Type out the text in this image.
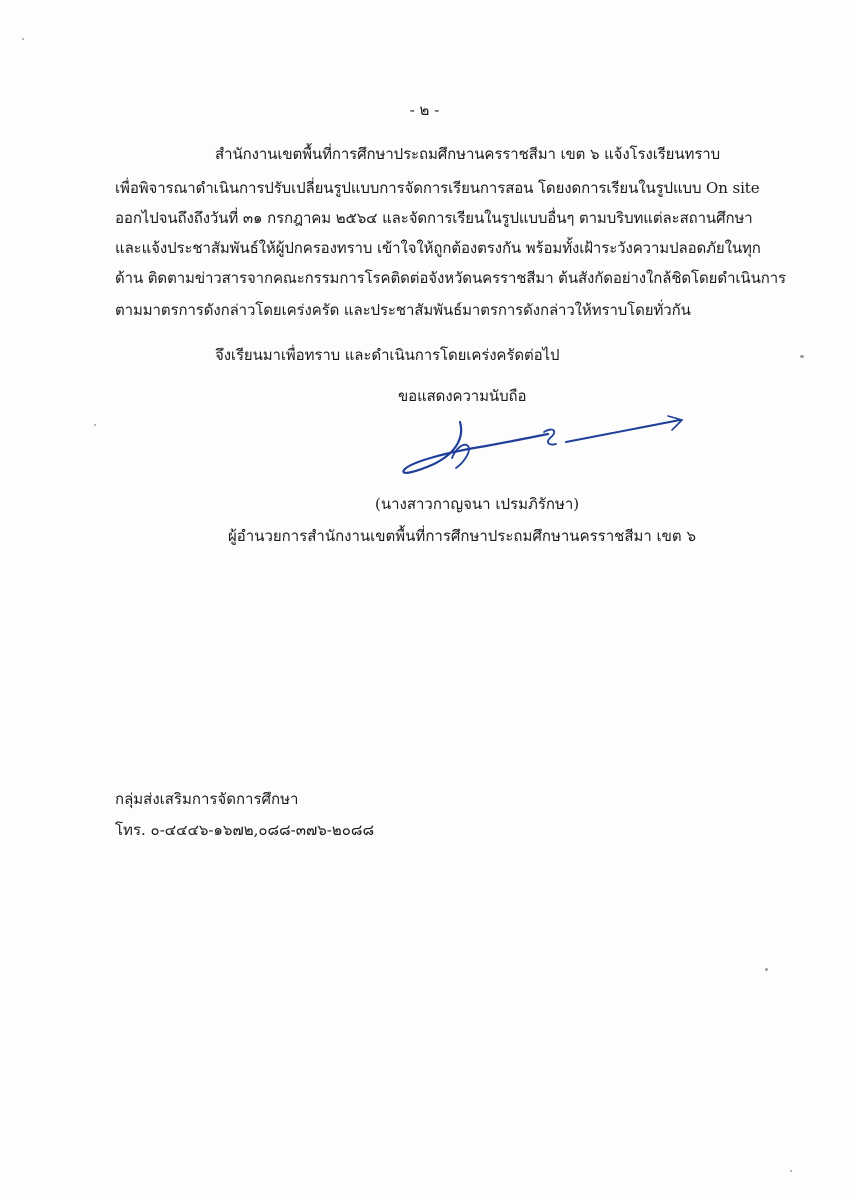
- ๒ -
สำนักงานเขตพื้นที่การศึกษาประถมศึกษานครราชสีมา เขต ๖ แจ้งโรงเรียนทราบ
เพื่อพิจารณาดำเนินการปรับเปลี่ยนรูปแบบการจัดการเรียนการสอน โดยงดการเรียนในรูปแบบ On site
ออกไปจนถึงถึงวันที่ ๓๑ กรกฎาคม ๒๕๖๔ และจัดการเรียนในรูปแบบอื่นๆ ตามบริบทแต่ละสถานศึกษา
และแจ้งประชาสัมพันธ์ให้ผู้ปกครองทราบ เข้าใจให้ถูกต้องตรงกัน พร้อมทั้งเฝ้าระวังความปลอดภัยในทุก
ด้าน ติดตามข่าวสารจากคณะกรรมการโรคติดต่อจังหวัดนครราชสีมา ต้นสังกัดอย่างใกล้ชิดโดยดำเนินการ
ตามมาตรการดังกล่าวโดยเคร่งครัด และประชาสัมพันธ์มาตรการดังกล่าวให้ทราบโดยทั่วกัน
จึงเรียนมาเพื่อทราบ และดำเนินการโดยเคร่งครัดต่อไป
ขอแสดงความนับถือ
(นางสาวกาญจนา เปรมภิรักษา)
ผู้อำนวยการสำนักงานเขตพื้นที่การศึกษาประถมศึกษานครราชสีมา เขต ๖
กลุ่มส่งเสริมการจัดการศึกษา
โทร. ๐-๔๔๔๖-๑๖๗๒,๐๘๘-๓๗๖-๒๐๘๘
